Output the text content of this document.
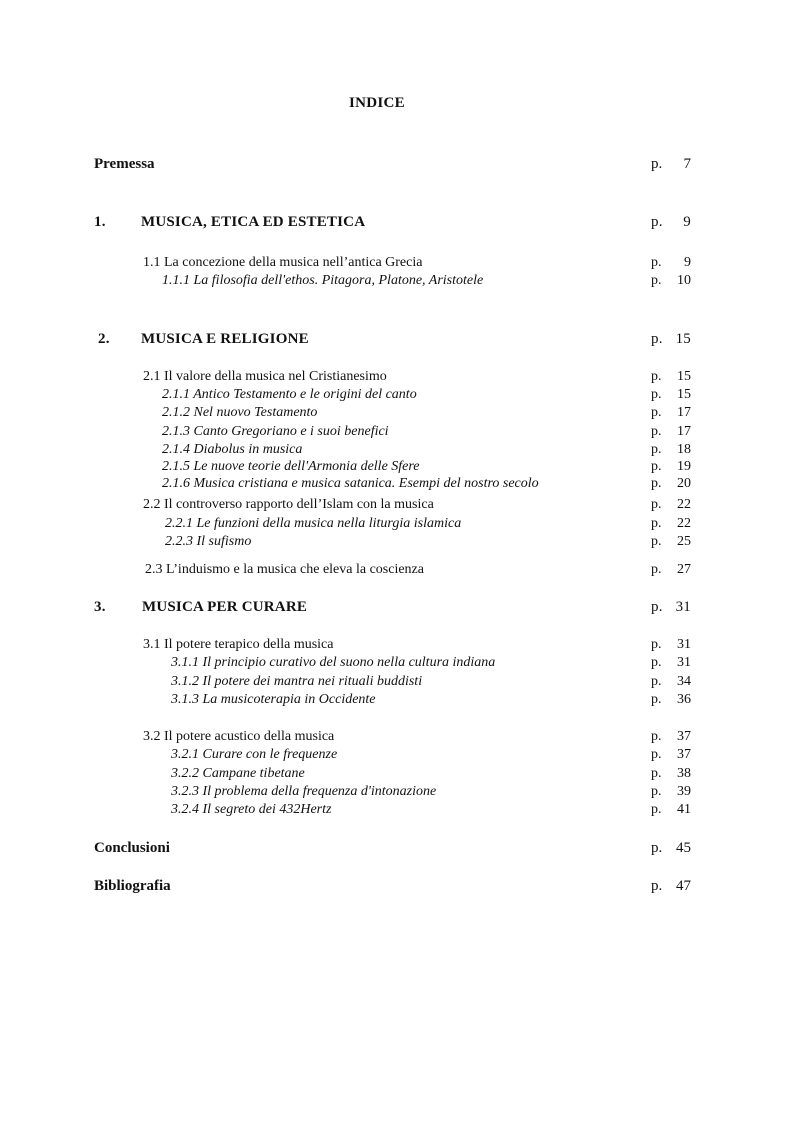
INDICE
Premessa	p. 7
1. MUSICA, ETICA ED ESTETICA	p. 9
1.1 La concezione della musica nell’antica Grecia	p. 9
1.1.1 La filosofia dell'ethos. Pitagora, Platone, Aristotele	p. 10
2. MUSICA E RELIGIONE	p. 15
2.1 Il valore della musica nel Cristianesimo	p. 15
2.1.1 Antico Testamento e le origini del canto	p. 15
2.1.2 Nel nuovo Testamento	p. 17
2.1.3 Canto Gregoriano e i suoi benefici	p. 17
2.1.4 Diabolus in musica	p. 18
2.1.5 Le nuove teorie dell'Armonia delle Sfere	p. 19
2.1.6 Musica cristiana e musica satanica. Esempi del nostro secolo	p. 20
2.2 Il controverso rapporto dell’Islam con la musica	p. 22
2.2.1 Le funzioni della musica nella liturgia islamica	p. 22
2.2.3 Il sufismo	p. 25
2.3 L’induismo e la musica che eleva la coscienza	p. 27
3. MUSICA PER CURARE	p. 31
3.1 Il potere terapico della musica	p. 31
3.1.1 Il principio curativo del suono nella cultura indiana	p. 31
3.1.2 Il potere dei mantra nei rituali buddisti	p. 34
3.1.3 La musicoterapia in Occidente	p. 36
3.2 Il potere acustico della musica	p. 37
3.2.1 Curare con le frequenze	p. 37
3.2.2 Campane tibetane	p. 38
3.2.3 Il problema della frequenza d'intonazione	p. 39
3.2.4 Il segreto dei 432Hertz	p. 41
Conclusioni	p. 45
Bibliografia	p. 47
